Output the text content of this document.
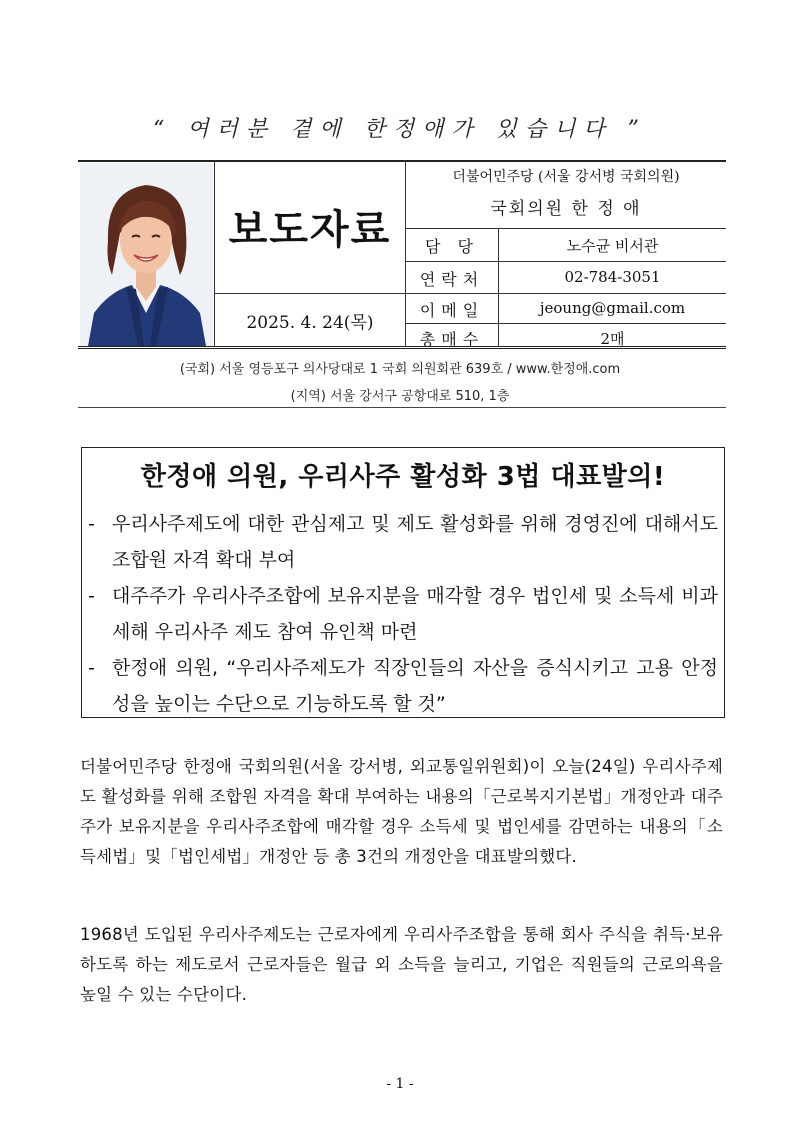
“ 여러분 곁에 한정애가 있습니다 ”
보도자료
2025. 4. 24(목)
더불어민주당 (서울 강서병 국회의원)
국회의원 한 정 애
담 당	노수균 비서관
연락처	02-784-3051
이메일	jeoung@gmail.com
총매수	2매
(국회) 서울 영등포구 의사당대로 1 국회 의원회관 639호 / www.한정애.com
(지역) 서울 강서구 공항대로 510, 1층
한정애 의원, 우리사주 활성화 3법 대표발의!
- 우리사주제도에 대한 관심제고 및 제도 활성화를 위해 경영진에 대해서도 조합원 자격 확대 부여
- 대주주가 우리사주조합에 보유지분을 매각할 경우 법인세 및 소득세 비과세해 우리사주 제도 참여 유인책 마련
- 한정애 의원, “우리사주제도가 직장인들의 자산을 증식시키고 고용 안정성을 높이는 수단으로 기능하도록 할 것”
더불어민주당 한정애 국회의원(서울 강서병, 외교통일위원회)이 오늘(24일) 우리사주제도 활성화를 위해 조합원 자격을 확대 부여하는 내용의「근로복지기본법」개정안과 대주주가 보유지분을 우리사주조합에 매각할 경우 소득세 및 법인세를 감면하는 내용의「소득세법」및「법인세법」개정안 등 총 3건의 개정안을 대표발의했다.
1968년 도입된 우리사주제도는 근로자에게 우리사주조합을 통해 회사 주식을 취득·보유하도록 하는 제도로서 근로자들은 월급 외 소득을 늘리고, 기업은 직원들의 근로의욕을 높일 수 있는 수단이다.
- 1 -
